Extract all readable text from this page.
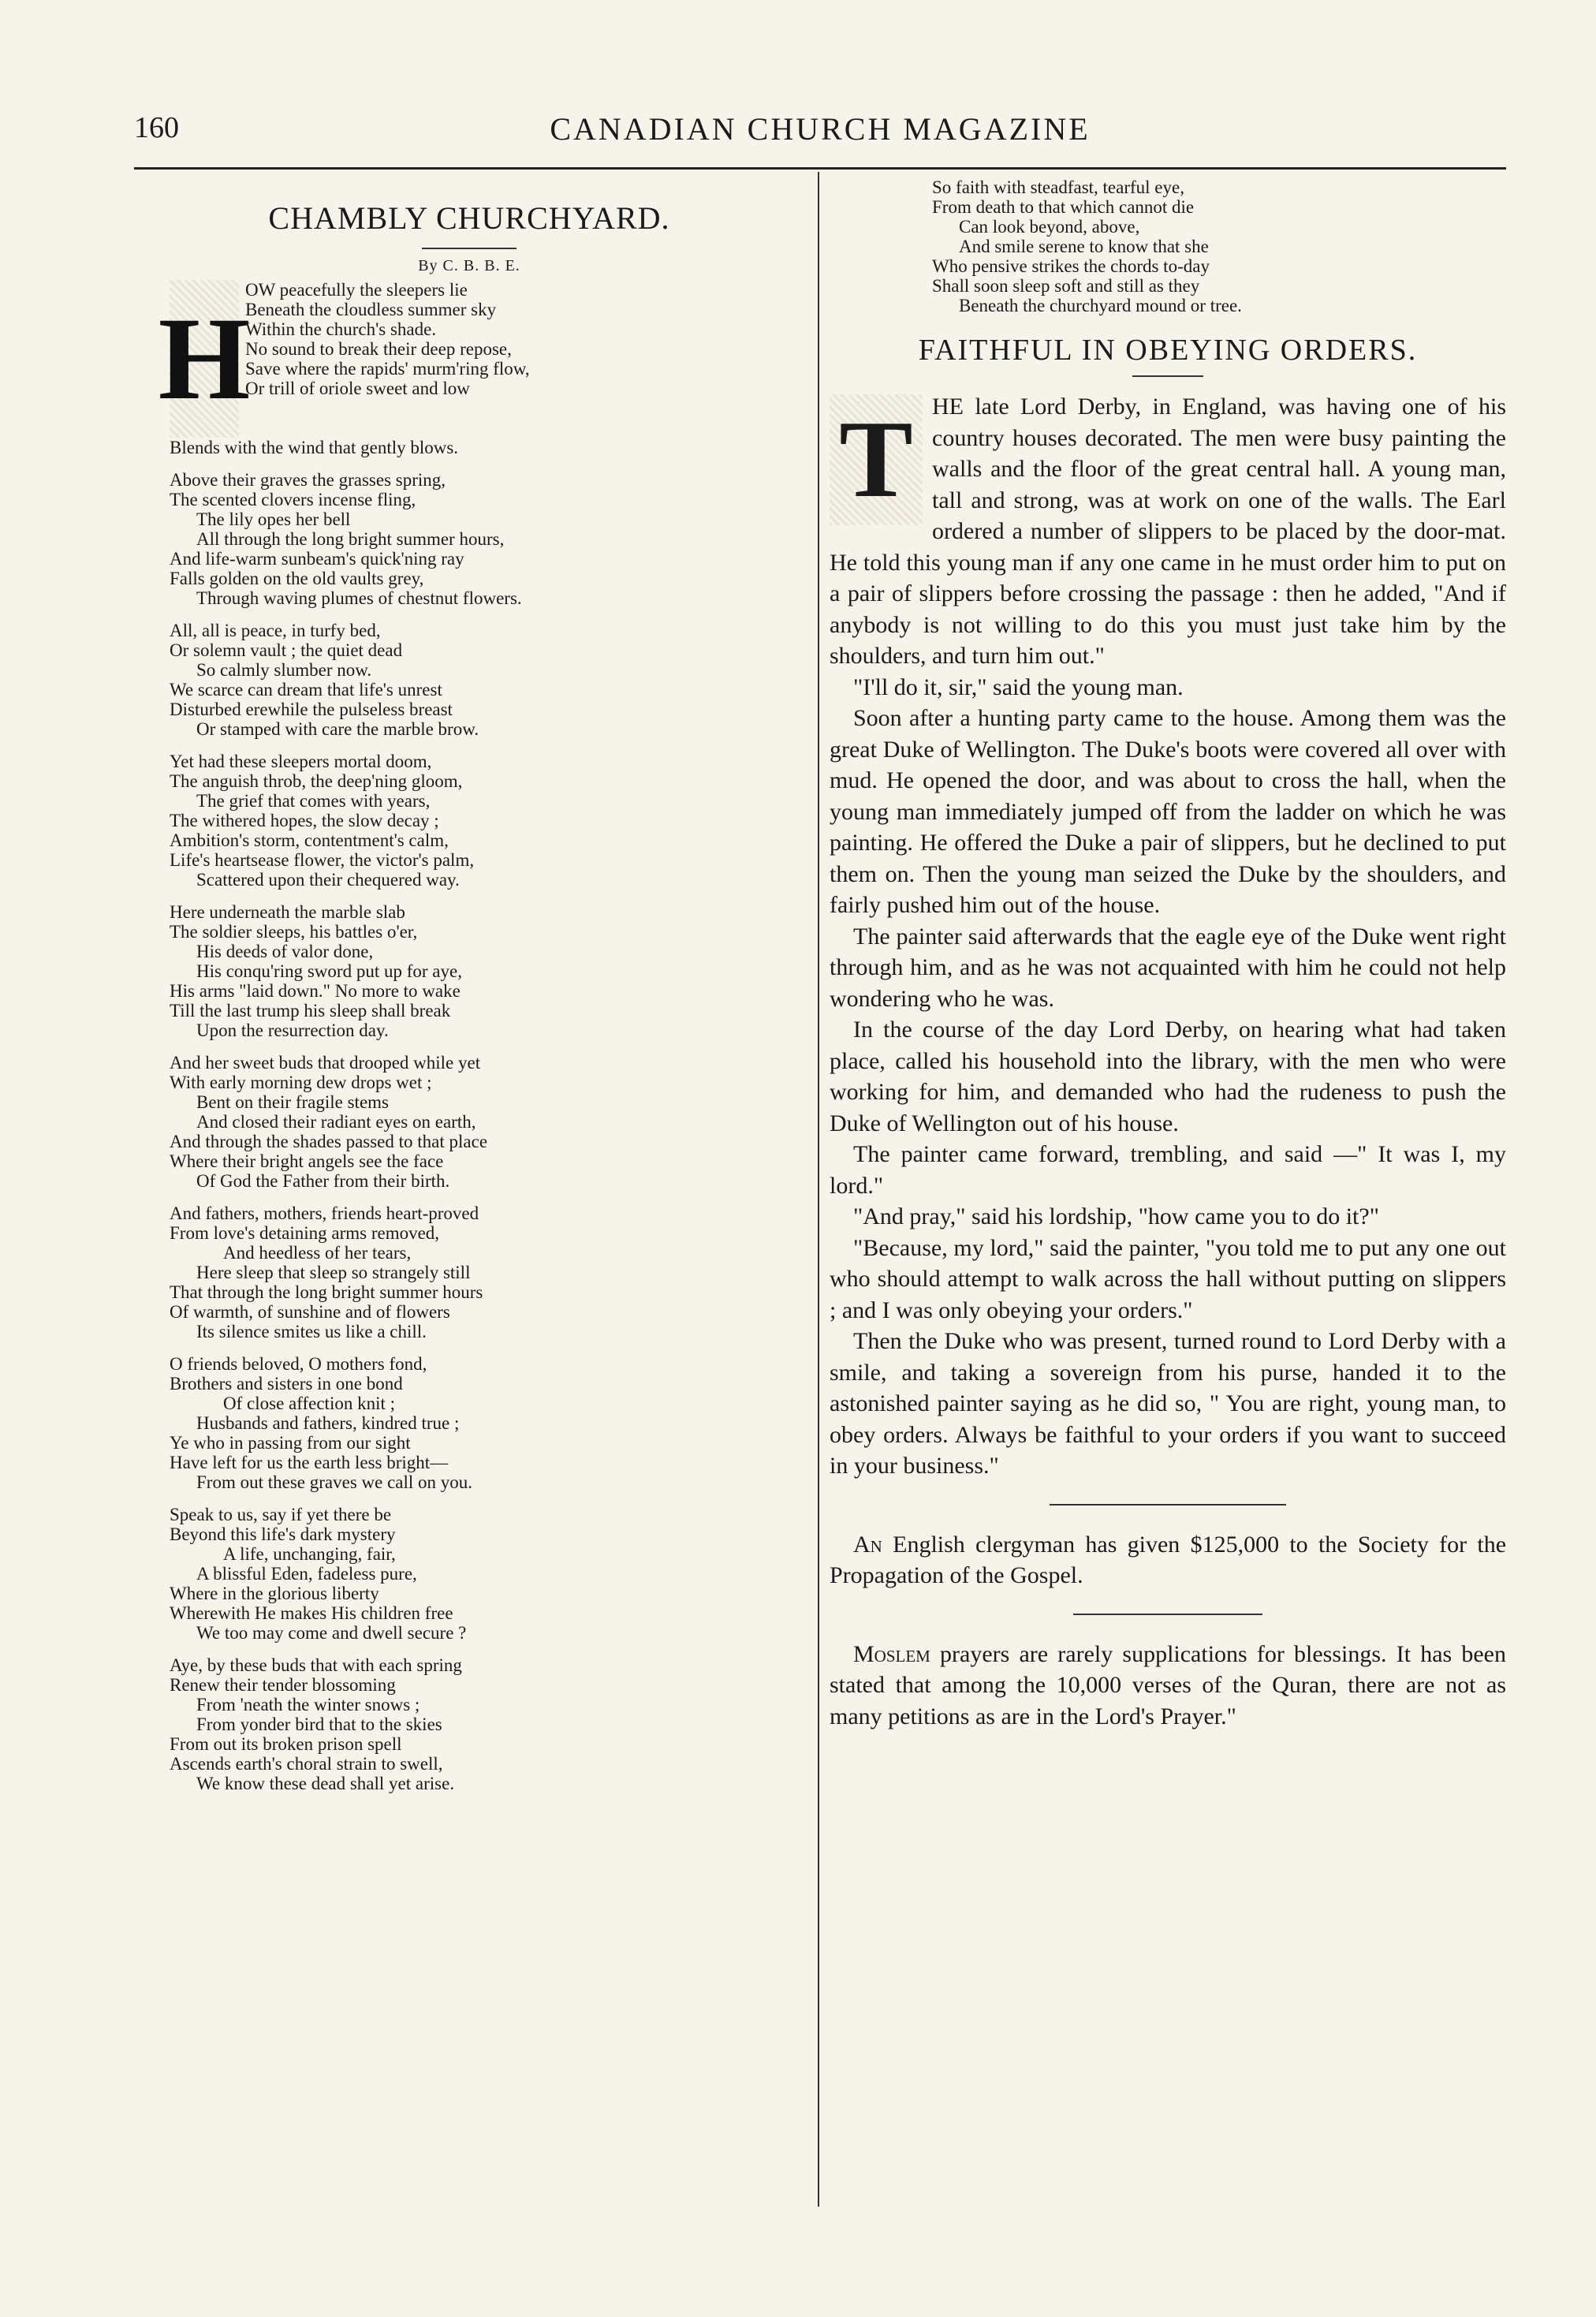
160	CANADIAN CHURCH MAGAZINE
CHAMBLY CHURCHYARD.
By C. B. B. E.
H
OW peacefully the sleepers lie
Beneath the cloudless summer sky
Within the church's shade.
No sound to break their deep repose,
Save where the rapids' murm'ring flow,
Or trill of oriole sweet and low
Blends with the wind that gently blows.
Above their graves the grasses spring,
The scented clovers incense fling,
The lily opes her bell
All through the long bright summer hours,
And life-warm sunbeam's quick'ning ray
Falls golden on the old vaults grey,
Through waving plumes of chestnut flowers.
All, all is peace, in turfy bed,
Or solemn vault ; the quiet dead
So calmly slumber now.
We scarce can dream that life's unrest
Disturbed erewhile the pulseless breast
Or stamped with care the marble brow.
Yet had these sleepers mortal doom,
The anguish throb, the deep'ning gloom,
The grief that comes with years,
The withered hopes, the slow decay ;
Ambition's storm, contentment's calm,
Life's heartsease flower, the victor's palm,
Scattered upon their chequered way.
Here underneath the marble slab
The soldier sleeps, his battles o'er,
His deeds of valor done,
His conqu'ring sword put up for aye,
His arms "laid down." No more to wake
Till the last trump his sleep shall break
Upon the resurrection day.
And her sweet buds that drooped while yet
With early morning dew drops wet ;
Bent on their fragile stems
And closed their radiant eyes on earth,
And through the shades passed to that place
Where their bright angels see the face
Of God the Father from their birth.
And fathers, mothers, friends heart-proved
From love's detaining arms removed,
And heedless of her tears,
Here sleep that sleep so strangely still
That through the long bright summer hours
Of warmth, of sunshine and of flowers
Its silence smites us like a chill.
O friends beloved, O mothers fond,
Brothers and sisters in one bond
Of close affection knit ;
Husbands and fathers, kindred true ;
Ye who in passing from our sight
Have left for us the earth less bright—
From out these graves we call on you.
Speak to us, say if yet there be
Beyond this life's dark mystery
A life, unchanging, fair,
A blissful Eden, fadeless pure,
Where in the glorious liberty
Wherewith He makes His children free
We too may come and dwell secure ?
Aye, by these buds that with each spring
Renew their tender blossoming
From 'neath the winter snows ;
From yonder bird that to the skies
From out its broken prison spell
Ascends earth's choral strain to swell,
We know these dead shall yet arise.
So faith with steadfast, tearful eye,
From death to that which cannot die
Can look beyond, above,
And smile serene to know that she
Who pensive strikes the chords to-day
Shall soon sleep soft and still as they
Beneath the churchyard mound or tree.
FAITHFUL IN OBEYING ORDERS.
T HE late Lord Derby, in England, was having one of his country houses decorated. The men were busy painting the walls and the floor of the great central hall. A young man, tall and strong, was at work on one of the walls. The Earl ordered a number of slippers to be placed by the door-mat. He told this young man if any one came in he must order him to put on a pair of slippers before crossing the passage : then he added, "And if anybody is not willing to do this you must just take him by the shoulders, and turn him out."

"I'll do it, sir," said the young man.

Soon after a hunting party came to the house. Among them was the great Duke of Wellington. The Duke's boots were covered all over with mud. He opened the door, and was about to cross the hall, when the young man immediately jumped off from the ladder on which he was painting. He offered the Duke a pair of slippers, but he declined to put them on. Then the young man seized the Duke by the shoulders, and fairly pushed him out of the house.

The painter said afterwards that the eagle eye of the Duke went right through him, and as he was not acquainted with him he could not help wondering who he was.

In the course of the day Lord Derby, on hearing what had taken place, called his household into the library, with the men who were working for him, and demanded who had the rudeness to push the Duke of Wellington out of his house.

The painter came forward, trembling, and said —" It was I, my lord."

"And pray," said his lordship, "how came you to do it?"

"Because, my lord," said the painter, "you told me to put any one out who should attempt to walk across the hall without putting on slippers ; and I was only obeying your orders."

Then the Duke who was present, turned round to Lord Derby with a smile, and taking a sovereign from his purse, handed it to the astonished painter saying as he did so, " You are right, young man, to obey orders. Always be faithful to your orders if you want to succeed in your business."

An English clergyman has given $125,000 to the Society for the Propagation of the Gospel.

Moslem prayers are rarely supplications for blessings. It has been stated that among the 10,000 verses of the Quran, there are not as many petitions as are in the Lord's Prayer."
